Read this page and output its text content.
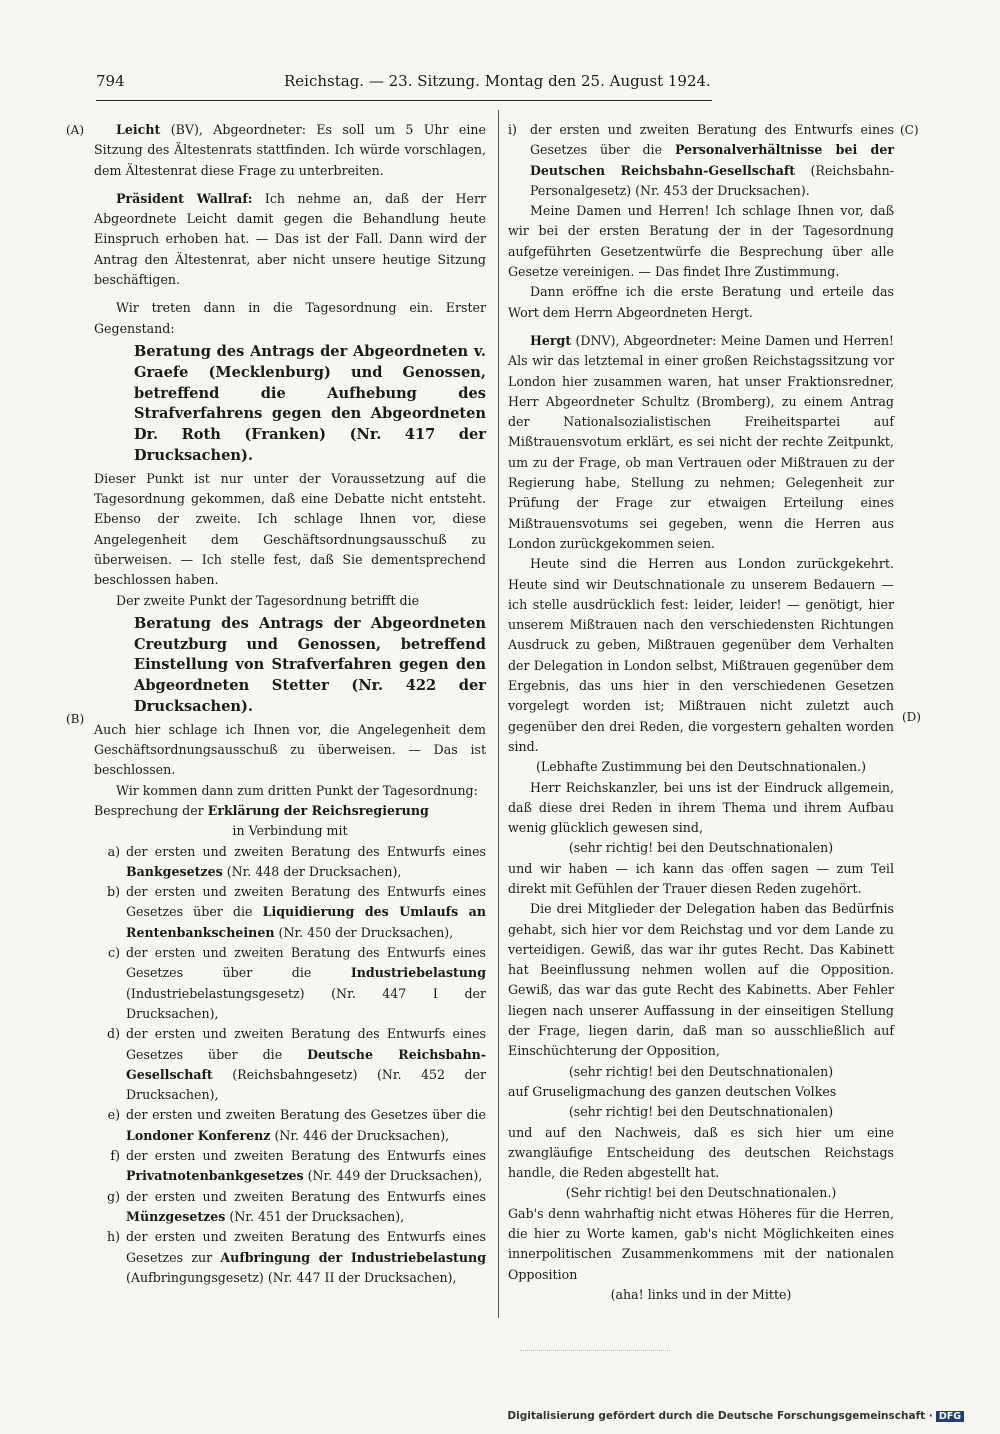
794	Reichstag. — 23. Sitzung. Montag den 25. August 1924.
(A)
(B)
(C)
(D)

Leicht (BV), Abgeordneter: Es soll um 5 Uhr eine Sitzung des Ältestenrats stattfinden. Ich würde vorschlagen, dem Ältestenrat diese Frage zu unterbreiten.

Präsident Wallraf: Ich nehme an, daß der Herr Abgeordnete Leicht damit gegen die Behandlung heute Einspruch erhoben hat. — Das ist der Fall. Dann wird der Antrag den Ältestenrat, aber nicht unsere heutige Sitzung beschäftigen.

Wir treten dann in die Tagesordnung ein. Erster Gegenstand:

Beratung des Antrags der Abgeordneten v. Graefe (Mecklenburg) und Genossen, betreffend die Aufhebung des Strafverfahrens gegen den Abgeordneten Dr. Roth (Franken) (Nr. 417 der Drucksachen).

Dieser Punkt ist nur unter der Voraussetzung auf die Tagesordnung gekommen, daß eine Debatte nicht entsteht. Ebenso der zweite. Ich schlage Ihnen vor, diese Angelegenheit dem Geschäftsordnungsausschuß zu überweisen. — Ich stelle fest, daß Sie dementsprechend beschlossen haben.

Der zweite Punkt der Tagesordnung betrifft die

Beratung des Antrags der Abgeordneten Creutzburg und Genossen, betreffend Einstellung von Strafverfahren gegen den Abgeordneten Stetter (Nr. 422 der Drucksachen).

Auch hier schlage ich Ihnen vor, die Angelegenheit dem Geschäftsordnungsausschuß zu überweisen. — Das ist beschlossen.

Wir kommen dann zum dritten Punkt der Tagesordnung:

Besprechung der Erklärung der Reichsregierung

in Verbindung mit

a) der ersten und zweiten Beratung des Entwurfs eines Bankgesetzes (Nr. 448 der Drucksachen),
b) der ersten und zweiten Beratung des Entwurfs eines Gesetzes über die Liquidierung des Umlaufs an Rentenbankscheinen (Nr. 450 der Drucksachen),
c) der ersten und zweiten Beratung des Entwurfs eines Gesetzes über die	Industriebelastung (Industriebelastungsgesetz) (Nr. 447 I der Drucksachen),
d) der ersten und zweiten Beratung des Entwurfs eines Gesetzes über die Deutsche Reichsbahn-Gesellschaft (Reichsbahngesetz) (Nr. 452 der Drucksachen),
e) der ersten und zweiten Beratung des Gesetzes über die Londoner Konferenz (Nr. 446 der Drucksachen),
f) der ersten und zweiten Beratung des Entwurfs eines Privatnotenbankgesetzes (Nr. 449 der Drucksachen),
g) der ersten und zweiten Beratung des Entwurfs eines Münzgesetzes (Nr. 451 der Drucksachen),
h) der ersten und zweiten Beratung des Entwurfs eines Gesetzes zur Aufbringung der Industriebelastung (Aufbringungsgesetz) (Nr. 447 II der Drucksachen),
i)	der ersten und zweiten Beratung des Entwurfs eines Gesetzes über die Personalverhältnisse bei der Deutschen Reichsbahn-Gesellschaft (Reichsbahn-Personalgesetz) (Nr. 453 der Drucksachen).

Meine Damen und Herren! Ich schlage Ihnen vor, daß wir bei der ersten Beratung der in der Tagesordnung aufgeführten Gesetzentwürfe die Besprechung über alle Gesetze vereinigen. — Das findet Ihre Zustimmung.

Dann eröffne ich die erste Beratung und erteile das Wort dem Herrn Abgeordneten Hergt.

Hergt (DNV), Abgeordneter: Meine Damen und Herren! Als wir das letztemal in einer großen Reichstagssitzung vor London hier zusammen waren, hat unser Fraktionsredner, Herr Abgeordneter Schultz (Bromberg), zu einem Antrag der Nationalsozialistischen Freiheitspartei auf Mißtrauensvotum erklärt, es sei nicht der rechte Zeitpunkt, um zu der Frage, ob man Vertrauen oder Mißtrauen zu der Regierung habe, Stellung zu nehmen; Gelegenheit zur Prüfung der Frage zur etwaigen Erteilung eines Mißtrauensvotums sei gegeben, wenn die Herren aus London zurückgekommen seien.

Heute sind die Herren aus London zurückgekehrt. Heute sind wir Deutschnationale zu unserem Bedauern — ich stelle ausdrücklich fest: leider, leider! — genötigt, hier unserem Mißtrauen nach den verschiedensten Richtungen Ausdruck zu geben, Mißtrauen gegenüber dem Verhalten der Delegation in London selbst, Mißtrauen gegenüber dem Ergebnis, das uns hier in den verschiedenen Gesetzen vorgelegt worden ist; Mißtrauen nicht zuletzt auch gegenüber den drei Reden, die vorgestern gehalten worden sind.

(Lebhafte Zustimmung bei den Deutschnationalen.)

Herr Reichskanzler, bei uns ist der Eindruck allgemein, daß diese drei Reden in ihrem Thema und ihrem Aufbau wenig glücklich gewesen sind,

(sehr richtig! bei den Deutschnationalen)

und wir haben — ich kann das offen sagen — zum Teil direkt mit Gefühlen der Trauer diesen Reden zugehört.

Die drei Mitglieder der Delegation haben das Bedürfnis gehabt, sich hier vor dem Reichstag und vor dem Lande zu verteidigen. Gewiß, das war ihr gutes Recht. Das Kabinett hat Beeinflussung nehmen wollen auf die Opposition. Gewiß, das war das gute Recht des Kabinetts. Aber Fehler liegen nach unserer Auffassung in der einseitigen Stellung der Frage, liegen darin, daß man so ausschließlich auf Einschüchterung der Opposition,

(sehr richtig! bei den Deutschnationalen)

auf Gruseligmachung des ganzen deutschen Volkes

(sehr richtig! bei den Deutschnationalen)

und auf den Nachweis, daß es sich hier um eine zwangläufige Entscheidung des deutschen Reichstags handle, die Reden abgestellt hat.

(Sehr richtig! bei den Deutschnationalen.)

Gab's denn wahrhaftig nicht etwas Höheres für die Herren, die hier zu Worte kamen, gab's nicht Möglichkeiten eines innerpolitischen Zusammenkommens mit der nationalen Opposition

(aha! links und in der Mitte)

Digitalisierung gefördert durch die Deutsche Forschungsgemeinschaft · DFG
